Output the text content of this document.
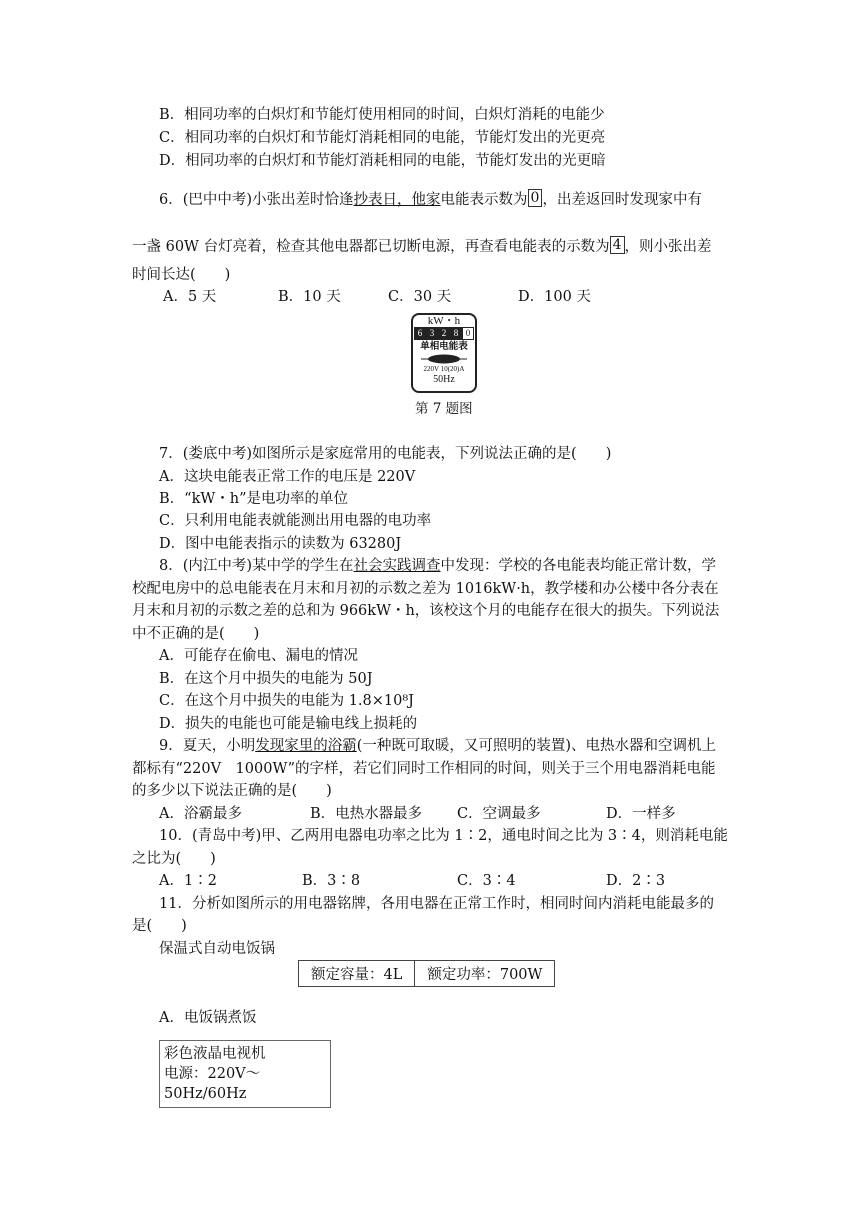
B．相同功率的白炽灯和节能灯使用相同的时间，白炽灯消耗的电能少
C．相同功率的白炽灯和节能灯消耗相同的电能，节能灯发出的光更亮
D．相同功率的白炽灯和节能灯消耗相同的电能，节能灯发出的光更暗
6．(巴中中考)小张出差时恰逢抄表日，他家电能表示数为 0 ，出差返回时发现家中有
一盏 60W 台灯亮着，检查其他电器都已切断电源，再查看电能表的示数为 4 ，则小张出差
时间长达(　　)
A．5 天	B．10 天	C．30 天	D．100 天
kW・h
6 3 2 8 0
单相电能表
220V 10(20)A
50Hz
第 7 题图
7．(娄底中考)如图所示是家庭常用的电能表，下列说法正确的是(　　)
A．这块电能表正常工作的电压是 220V
B．“kW・h”是电功率的单位
C．只利用电能表就能测出用电器的电功率
D．图中电能表指示的读数为 63280J
8．(内江中考)某中学的学生在社会实践调查中发现：学校的各电能表均能正常计数，学
校配电房中的总电能表在月末和月初的示数之差为 1016kW·h，教学楼和办公楼中各分表在
月末和月初的示数之差的总和为 966kW・h，该校这个月的电能存在很大的损失。下列说法
中不正确的是(　　)
A．可能存在偷电、漏电的情况
B．在这个月中损失的电能为 50J
C．在这个月中损失的电能为 1.8×10⁸J
D．损失的电能也可能是输电线上损耗的
9．夏天，小明发现家里的浴霸(一种既可取暖，又可照明的装置)、电热水器和空调机上
都标有“220V　1000W”的字样，若它们同时工作相同的时间，则关于三个用电器消耗电能
的多少以下说法正确的是(　　)
A．浴霸最多	B．电热水器最多 C．空调最多	D．一样多
10．(青岛中考)甲、乙两用电器电功率之比为 1∶2，通电时间之比为 3∶4，则消耗电能
之比为(　　)
A．1∶2	B．3∶8	C．3∶4	D．2∶3
11．分析如图所示的用电器铭牌，各用电器在正常工作时，相同时间内消耗电能最多的
是(　　)
保温式自动电饭锅
额定容量：4L	额定功率：700W
A．电饭锅煮饭
彩色液晶电视机
电源：220V～50Hz/60Hz
